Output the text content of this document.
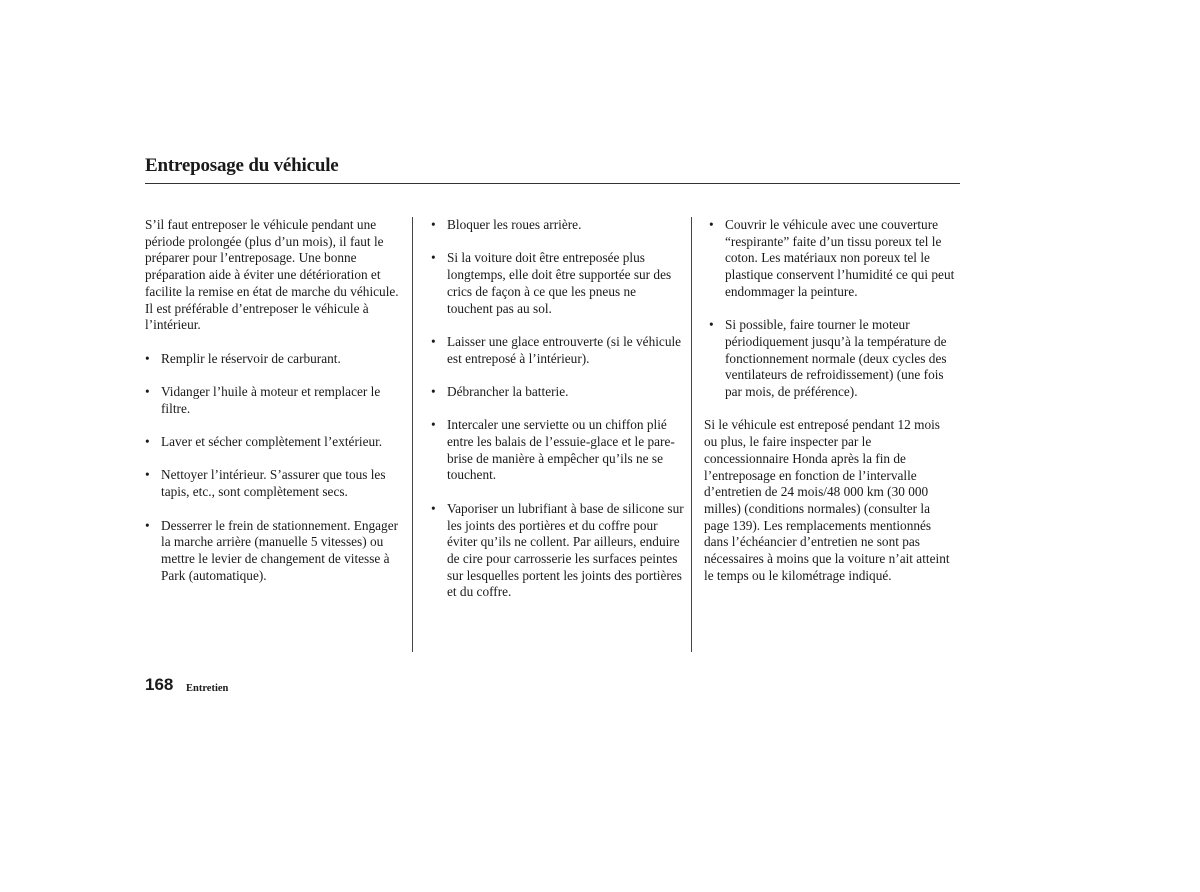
Entreposage du véhicule

S’il faut entreposer le véhicule pendant une période prolongée (plus d’un mois), il faut le préparer pour l’entreposage. Une bonne préparation aide à éviter une détérioration et facilite la remise en état de marche du véhicule. Il est préférable d’entreposer le véhicule à l’intérieur.

• Remplir le réservoir de carburant.
• Vidanger l’huile à moteur et remplacer le filtre.
• Laver et sécher complètement l’extérieur.
• Nettoyer l’intérieur. S’assurer que tous les tapis, etc., sont complètement secs.
• Desserrer le frein de stationnement. Engager la marche arrière (manuelle 5 vitesses) ou mettre le levier de changement de vitesse à Park (automatique).
• Bloquer les roues arrière.
• Si la voiture doit être entreposée plus longtemps, elle doit être supportée sur des crics de façon à ce que les pneus ne touchent pas au sol.
• Laisser une glace entrouverte (si le véhicule est entreposé à l’intérieur).
• Débrancher la batterie.
• Intercaler une serviette ou un chiffon plié entre les balais de l’essuie-glace et le pare-brise de manière à empêcher qu’ils ne se touchent.
• Vaporiser un lubrifiant à base de silicone sur les joints des portières et du coffre pour éviter qu’ils ne collent. Par ailleurs, enduire de cire pour carrosserie les surfaces peintes sur lesquelles portent les joints des portières et du coffre.
• Couvrir le véhicule avec une couverture “respirante” faite d’un tissu poreux tel le coton. Les matériaux non poreux tel le plastique conservent l’humidité ce qui peut endommager la peinture.
• Si possible, faire tourner le moteur périodiquement jusqu’à la température de fonctionnement normale (deux cycles des ventilateurs de refroidissement) (une fois par mois, de préférence).

Si le véhicule est entreposé pendant 12 mois ou plus, le faire inspecter par le concessionnaire Honda après la fin de l’entreposage en fonction de l’intervalle d’entretien de 24 mois/48 000 km (30 000 milles) (conditions normales) (consulter la page 139). Les remplacements mentionnés dans l’échéancier d’entretien ne sont pas nécessaires à moins que la voiture n’ait atteint le temps ou le kilométrage indiqué.

168 Entretien
